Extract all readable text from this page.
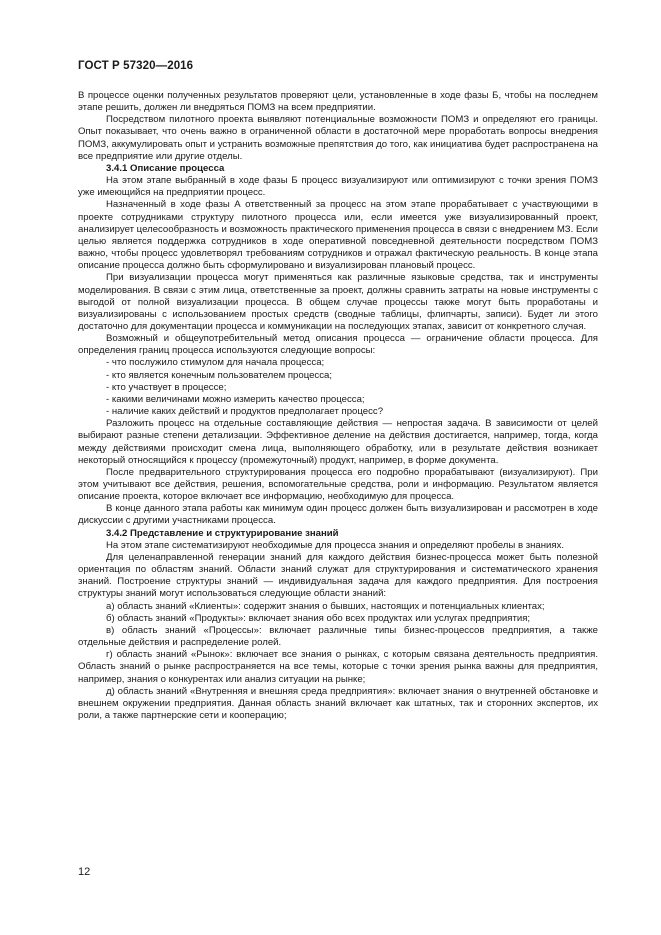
ГОСТ Р 57320—2016

В процессе оценки полученных результатов проверяют цели, установленные в ходе фазы Б, чтобы на последнем этапе решить, должен ли внедряться ПОМЗ на всем предприятии.

Посредством пилотного проекта выявляют потенциальные возможности ПОМЗ и определяют его границы. Опыт показывает, что очень важно в ограниченной области в достаточной мере проработать вопросы внедрения ПОМЗ, аккумулировать опыт и устранить возможные препятствия до того, как инициатива будет распространена на все предприятие или другие отделы.

3.4.1 Описание процесса

На этом этапе выбранный в ходе фазы Б процесс визуализируют или оптимизируют с точки зрения ПОМЗ уже имеющийся на предприятии процесс.

Назначенный в ходе фазы А ответственный за процесс на этом этапе прорабатывает с участвующими в проекте сотрудниками структуру пилотного процесса или, если имеется уже визуализированный проект, анализирует целесообразность и возможность практического применения процесса в связи с внедрением МЗ. Если целью является поддержка сотрудников в ходе оперативной повседневной деятельности посредством ПОМЗ важно, чтобы процесс удовлетворял требованиям сотрудников и отражал фактическую реальность. В конце этапа описание процесса должно быть сформулировано и визуализирован плановый процесс.

При визуализации процесса могут применяться как различные языковые средства, так и инструменты моделирования. В связи с этим лица, ответственные за проект, должны сравнить затраты на новые инструменты с выгодой от полной визуализации процесса. В общем случае процессы также могут быть проработаны и визуализированы с использованием простых средств (сводные таблицы, флипчарты, записи). Будет ли этого достаточно для документации процесса и коммуникации на последующих этапах, зависит от конкретного случая.

Возможный и общеупотребительный метод описания процесса — ограничение области процесса. Для определения границ процесса используются следующие вопросы:

- что послужило стимулом для начала процесса;

- кто является конечным пользователем процесса;

- кто участвует в процессе;

- какими величинами можно измерить качество процесса;

- наличие каких действий и продуктов предполагает процесс?

Разложить процесс на отдельные составляющие действия — непростая задача. В зависимости от целей выбирают разные степени детализации. Эффективное деление на действия достигается, например, тогда, когда между действиями происходит смена лица, выполняющего обработку, или в результате действия возникает некоторый относящийся к процессу (промежуточный) продукт, например, в форме документа.

После предварительного структурирования процесса его подробно прорабатывают (визуализируют). При этом учитывают все действия, решения, вспомогательные средства, роли и информацию. Результатом является описание проекта, которое включает все информацию, необходимую для процесса.

В конце данного этапа работы как минимум один процесс должен быть визуализирован и рассмотрен в ходе дискуссии с другими участниками процесса.

3.4.2 Представление и структурирование знаний

На этом этапе систематизируют необходимые для процесса знания и определяют пробелы в знаниях.

Для целенаправленной генерации знаний для каждого действия бизнес-процесса может быть полезной ориентация по областям знаний. Области знаний служат для структурирования и систематического хранения знаний. Построение структуры знаний — индивидуальная задача для каждого предприятия. Для построения структуры знаний могут использоваться следующие области знаний:

а) область знаний «Клиенты»: содержит знания о бывших, настоящих и потенциальных клиентах;

б) область знаний «Продукты»: включает знания обо всех продуктах или услугах предприятия;

в) область знаний «Процессы»: включает различные типы бизнес-процессов предприятия, а также отдельные действия и распределение ролей.

г) область знаний «Рынок»: включает все знания о рынках, с которым связана деятельность предприятия. Область знаний о рынке распространяется на все темы, которые с точки зрения рынка важны для предприятия, например, знания о конкурентах или анализ ситуации на рынке;

д) область знаний «Внутренняя и внешняя среда предприятия»: включает знания о внутренней обстановке и внешнем окружении предприятия. Данная область знаний включает как штатных, так и сторонних экспертов, их роли, а также партнерские сети и кооперацию;

12
